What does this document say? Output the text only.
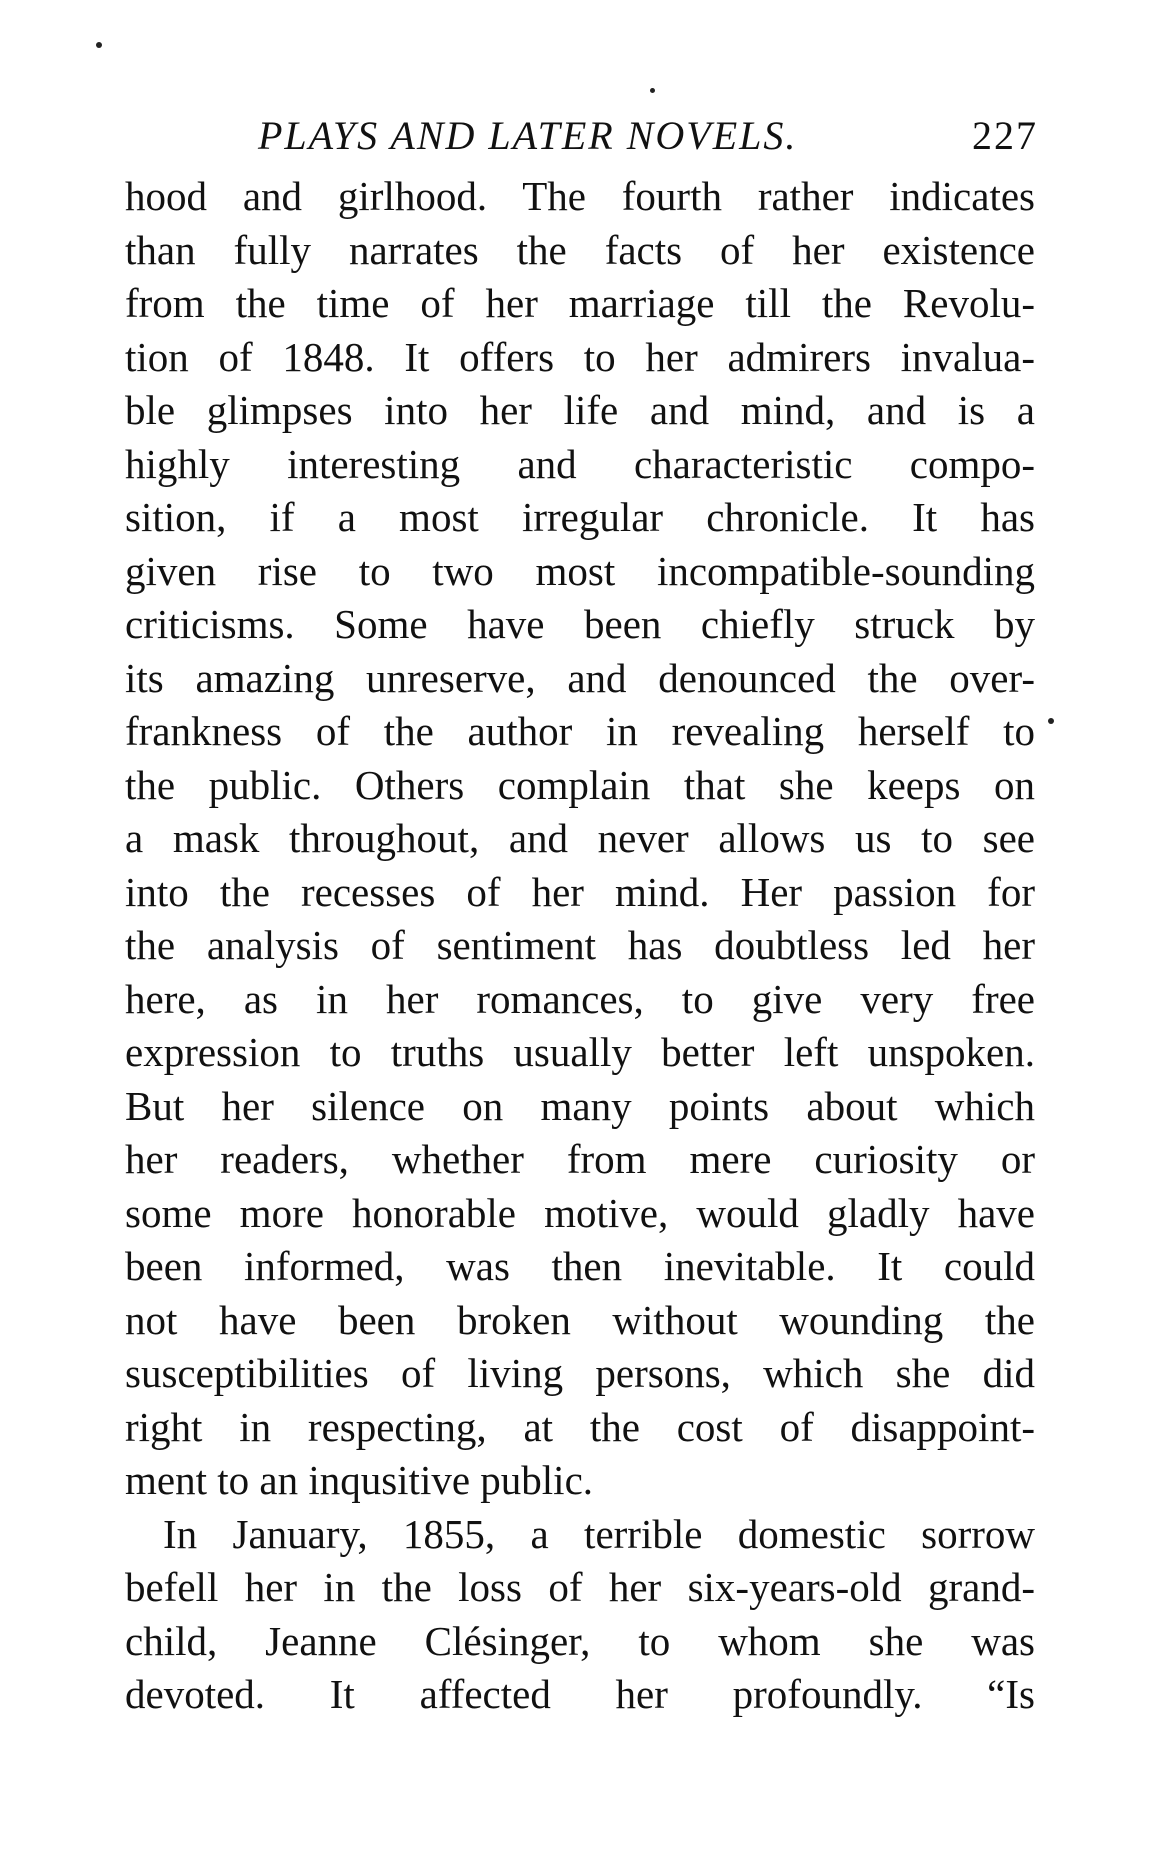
PLAYS AND LATER NOVELS.	227
hood and girlhood. The fourth rather indicates
than fully narrates the facts of her existence
from the time of her marriage till the Revolu-
tion of 1848. It offers to her admirers invalua-
ble glimpses into her life and mind, and is a
highly interesting and characteristic compo-
sition, if a most irregular chronicle. It has
given rise to two most incompatible-sounding
criticisms. Some have been chiefly struck by
its amazing unreserve, and denounced the over-
frankness of the author in revealing herself to
the public. Others complain that she keeps on
a mask throughout, and never allows us to see
into the recesses of her mind. Her passion for
the analysis of sentiment has doubtless led her
here, as in her romances, to give very free
expression to truths usually better left unspoken.
But her silence on many points about which
her readers, whether from mere curiosity or
some more honorable motive, would gladly have
been informed, was then inevitable. It could
not have been broken without wounding the
susceptibilities of living persons, which she did
right in respecting, at the cost of disappoint-
ment to an inqusitive public.
In January, 1855, a terrible domestic sorrow
befell her in the loss of her six-years-old grand-
child, Jeanne Clésinger, to whom she was
devoted. It affected her profoundly. “Is
